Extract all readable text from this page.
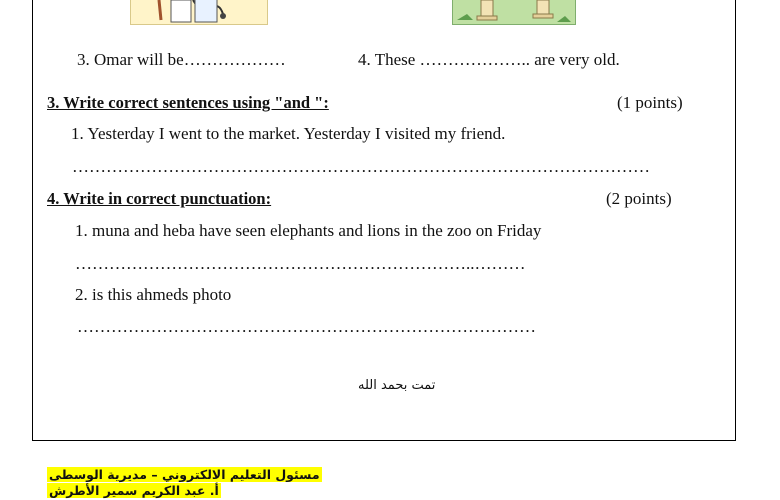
3. Omar will be………………	4. These ……………….. are very old.
3. Write correct sentences using "and ":	(1 points)
1. Yesterday I went to the market. Yesterday I visited my friend.
…………………………………………………………………………………………
4. Write in correct punctuation:	(2 points)
1. muna and heba have seen elephants and lions in the zoo on Friday
……………………………………………………………..………
2. is this ahmeds photo
………………………………………………………………………
تمت بحمد الله
مسئول التعليم الالكتروني – مديرية الوسطى
أ. عبد الكريم سمير الأطرش
